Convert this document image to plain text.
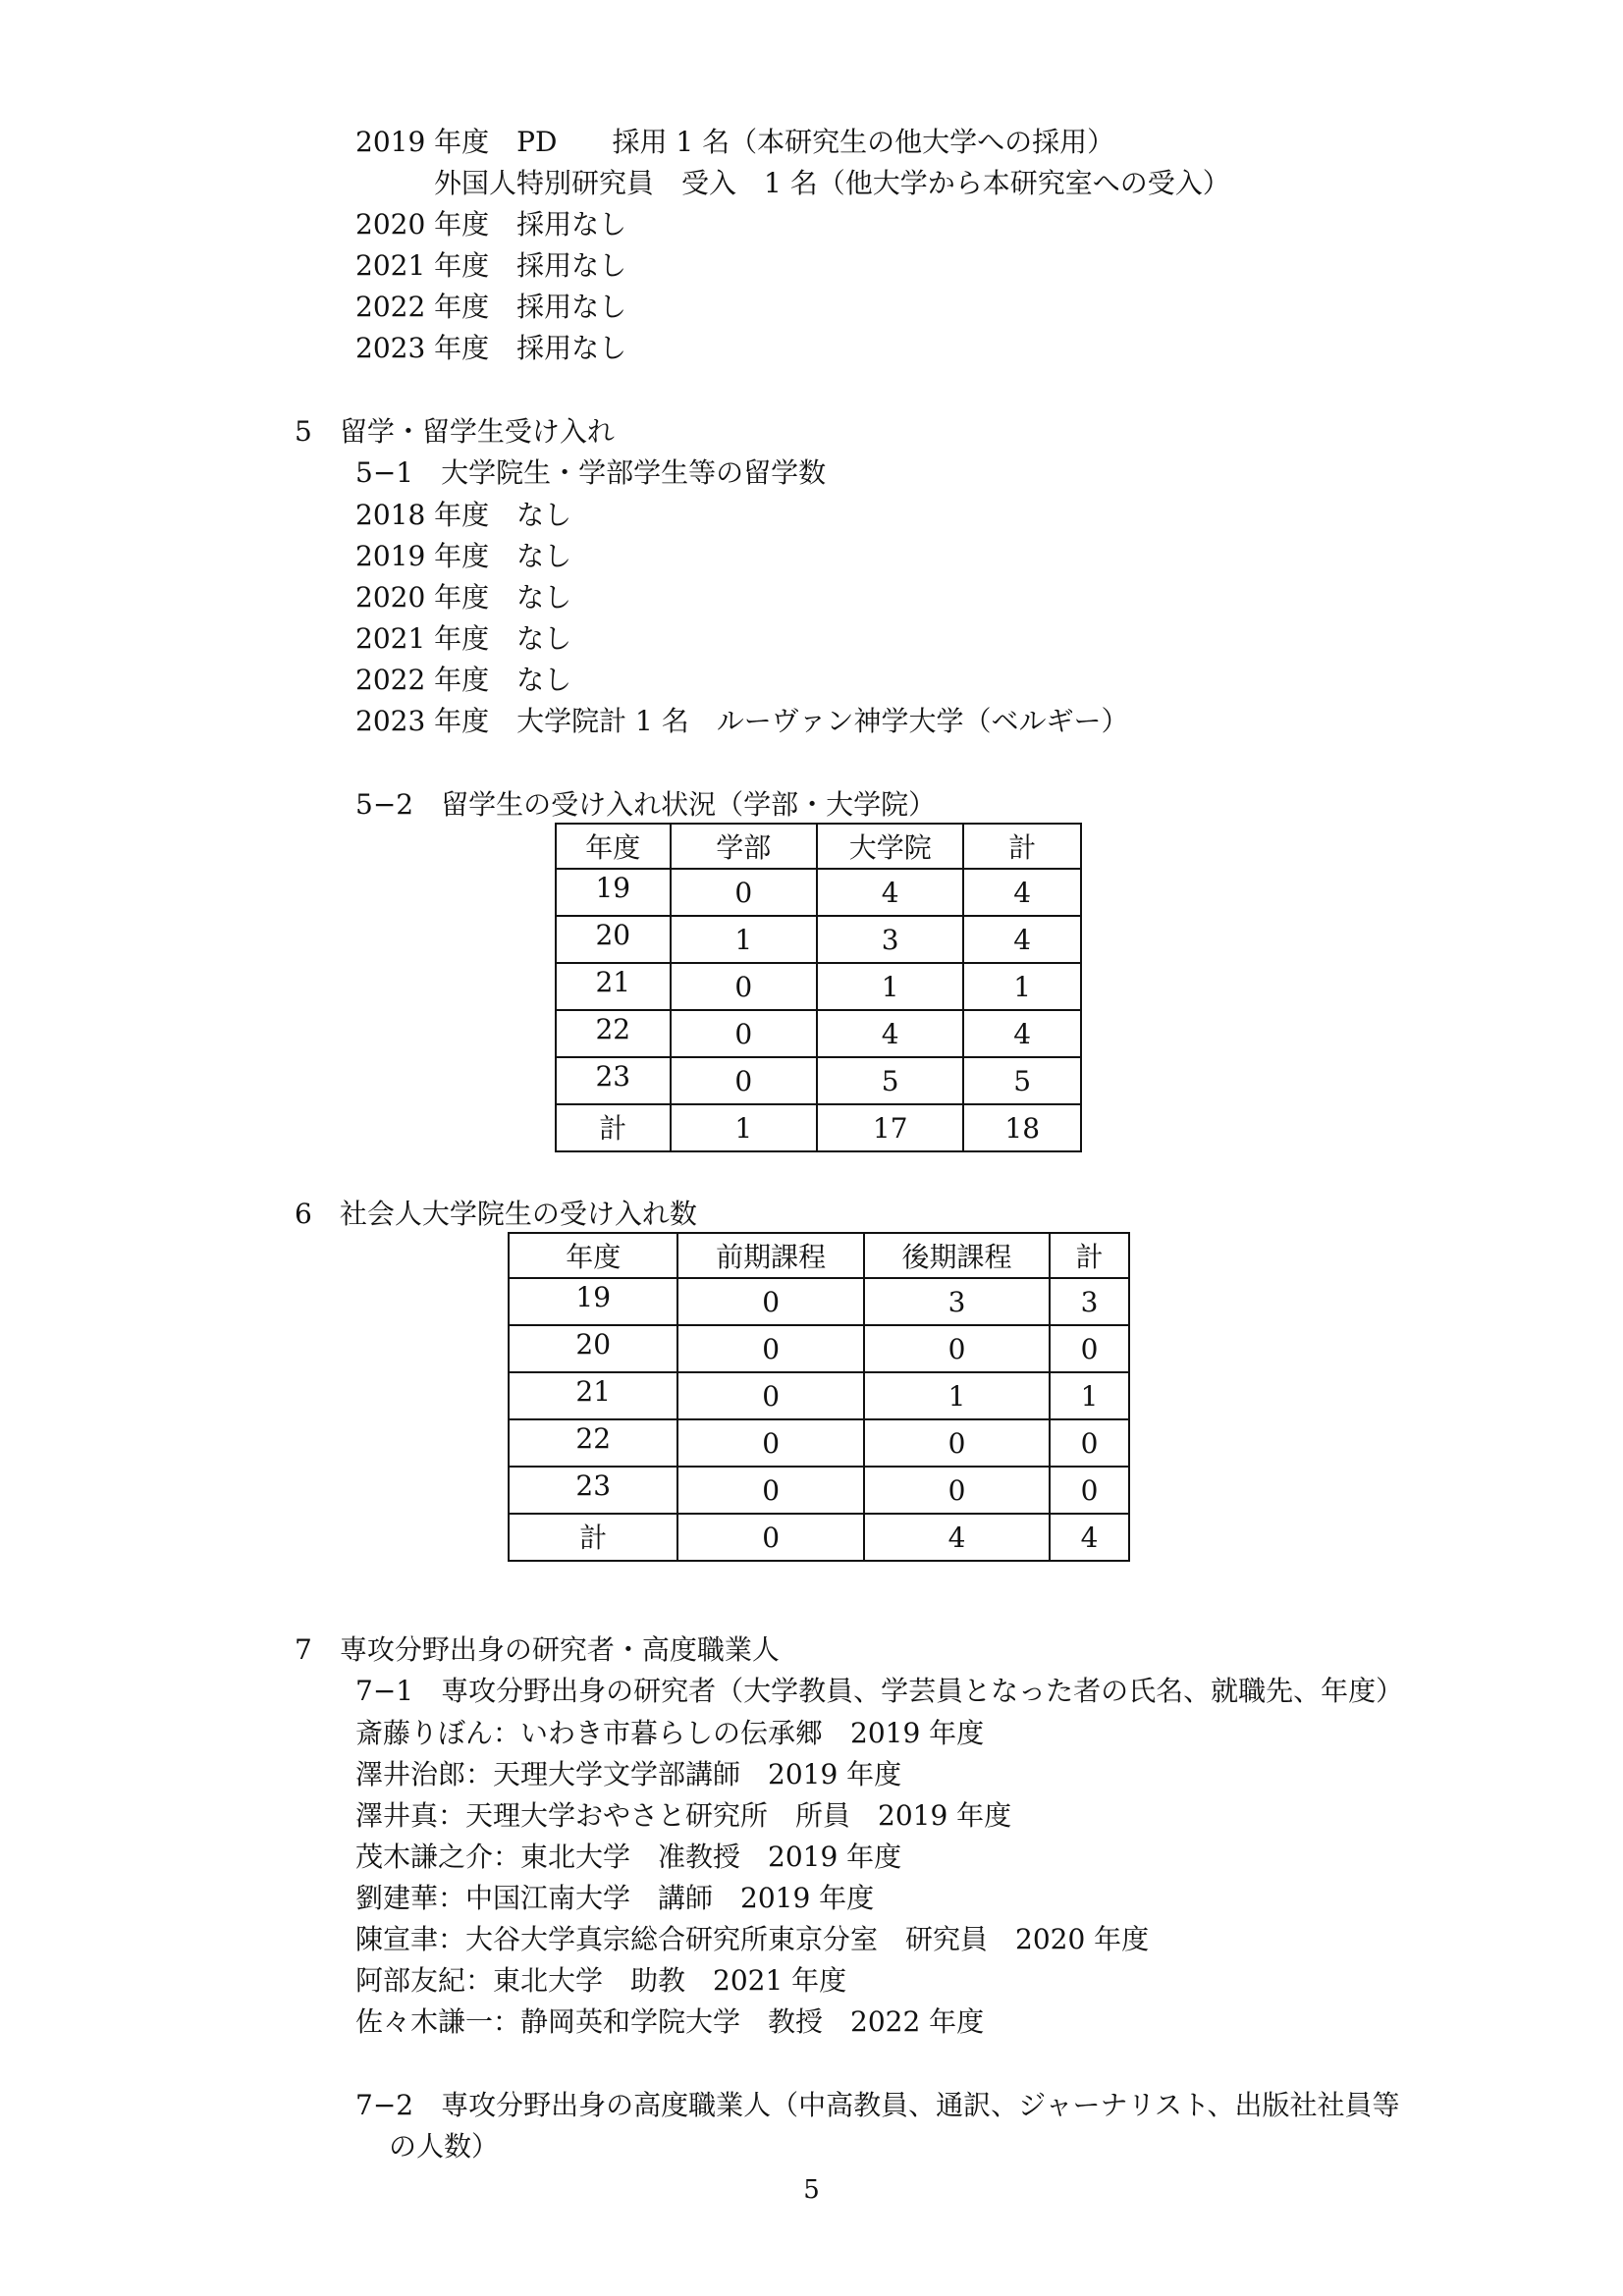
2019 年度　PD　　採用 1 名（本研究生の他大学への採用）
外国人特別研究員　受入　1 名（他大学から本研究室への受入）
2020 年度　採用なし
2021 年度　採用なし
2022 年度　採用なし
2023 年度　採用なし
5　留学・留学生受け入れ
5−1　大学院生・学部学生等の留学数
2018 年度　なし
2019 年度　なし
2020 年度　なし
2021 年度　なし
2022 年度　なし
2023 年度　大学院計 1 名　ルーヴァン神学大学（ベルギー）
5−2　留学生の受け入れ状況（学部・大学院）
年度	学部	大学院	計
19	0	4	4
20	1	3	4
21	0	1	1
22	0	4	4
23	0	5	5
計	1	17	18
6　社会人大学院生の受け入れ数
年度	前期課程	後期課程	計
19	0	3	3
20	0	0	0
21	0	1	1
22	0	0	0
23	0	0	0
計	0	4	4
7　専攻分野出身の研究者・高度職業人
7−1　専攻分野出身の研究者（大学教員、学芸員となった者の氏名、就職先、年度）
斎藤りぼん：いわき市暮らしの伝承郷　2019 年度
澤井治郎：天理大学文学部講師　2019 年度
澤井真：天理大学おやさと研究所　所員　2019 年度
茂木謙之介：東北大学　准教授　2019 年度
劉建華：中国江南大学　講師　2019 年度
陳宣聿：大谷大学真宗総合研究所東京分室　研究員　2020 年度
阿部友紀：東北大学　助教　2021 年度
佐々木謙一：静岡英和学院大学　教授　2022 年度
7−2　専攻分野出身の高度職業人（中高教員、通訳、ジャーナリスト、出版社社員等
の人数）
5
